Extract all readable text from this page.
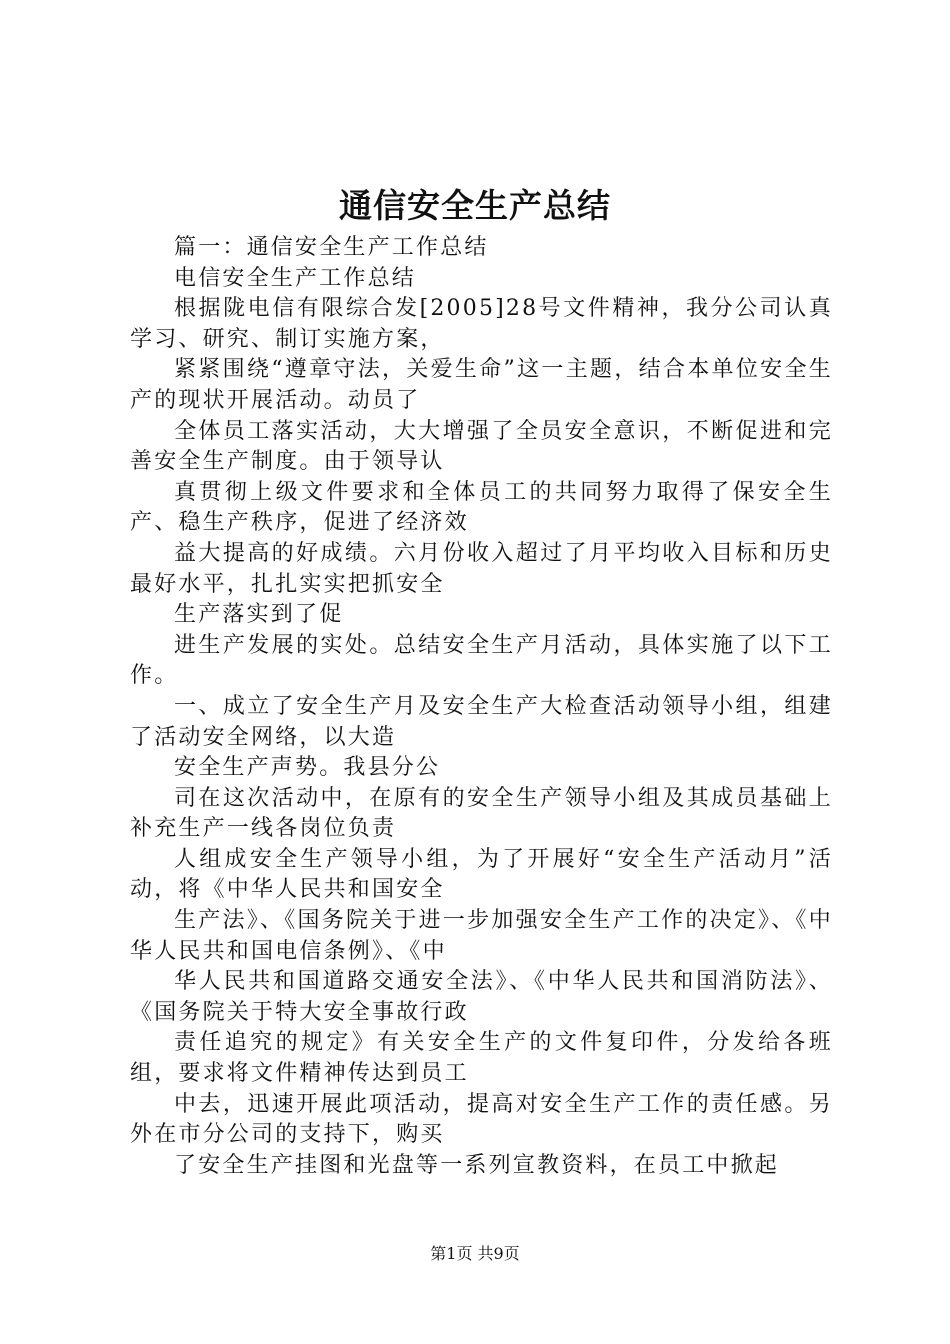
通信安全生产总结

篇一：通信安全生产工作总结

电信安全生产工作总结

根据陇电信有限综合发[2005]28号文件精神，我分公司认真学习、研究、制订实施方案，

紧紧围绕“遵章守法，关爱生命”这一主题，结合本单位安全生产的现状开展活动。动员了

全体员工落实活动，大大增强了全员安全意识，不断促进和完善安全生产制度。由于领导认

真贯彻上级文件要求和全体员工的共同努力取得了保安全生产、稳生产秩序，促进了经济效

益大提高的好成绩。六月份收入超过了月平均收入目标和历史最好水平，扎扎实实把抓安全

生产落实到了促

进生产发展的实处。总结安全生产月活动，具体实施了以下工作。

一、成立了安全生产月及安全生产大检查活动领导小组，组建了活动安全网络，以大造

安全生产声势。我县分公

司在这次活动中，在原有的安全生产领导小组及其成员基础上补充生产一线各岗位负责

人组成安全生产领导小组，为了开展好“安全生产活动月”活动，将《中华人民共和国安全

生产法》、《国务院关于进一步加强安全生产工作的决定》、《中华人民共和国电信条例》、《中

华人民共和国道路交通安全法》、《中华人民共和国消防法》、《国务院关于特大安全事故行政

责任追究的规定》有关安全生产的文件复印件，分发给各班组，要求将文件精神传达到员工

中去，迅速开展此项活动，提高对安全生产工作的责任感。另外在市分公司的支持下，购买

了安全生产挂图和光盘等一系列宣教资料，在员工中掀起

第1页 共9页
